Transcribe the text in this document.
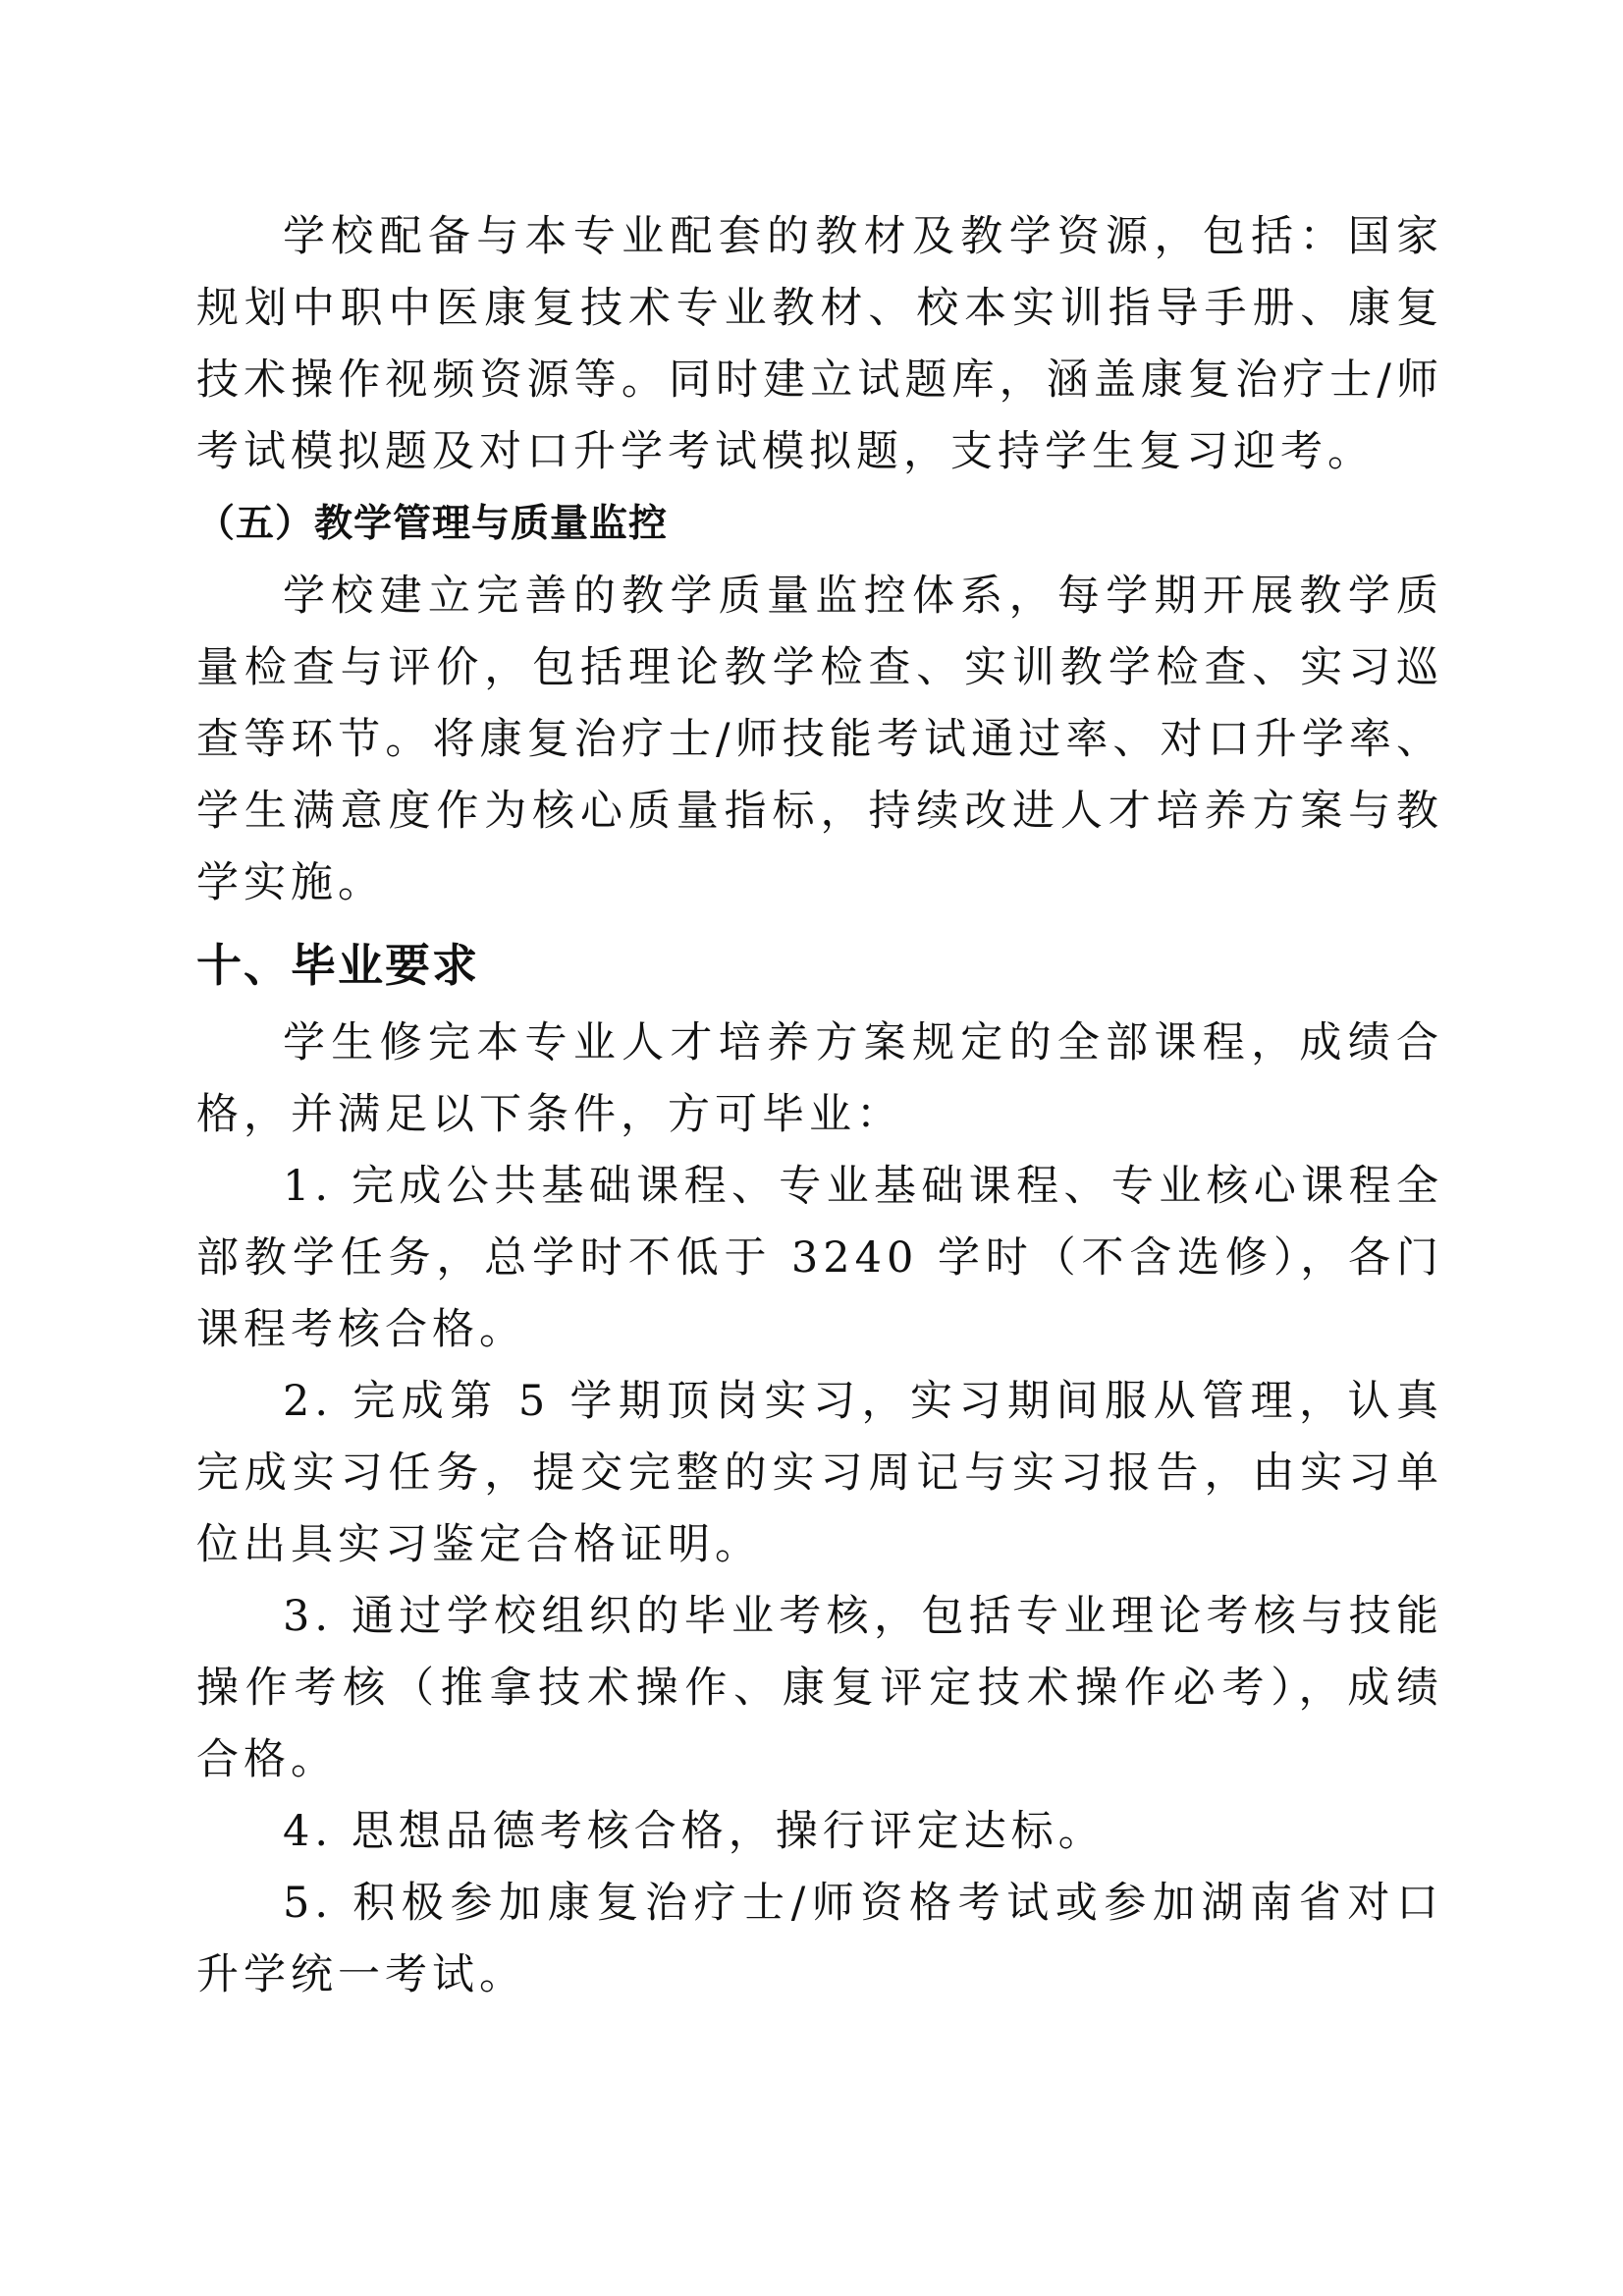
学校配备与本专业配套的教材及教学资源，包括：国家规划中职中医康复技术专业教材、校本实训指导手册、康复技术操作视频资源等。同时建立试题库，涵盖康复治疗士/师考试模拟题及对口升学考试模拟题，支持学生复习迎考。

（五）教学管理与质量监控

学校建立完善的教学质量监控体系，每学期开展教学质量检查与评价，包括理论教学检查、实训教学检查、实习巡查等环节。将康复治疗士/师技能考试通过率、对口升学率、学生满意度作为核心质量指标，持续改进人才培养方案与教学实施。

十、毕业要求

学生修完本专业人才培养方案规定的全部课程，成绩合格，并满足以下条件，方可毕业：

1. 完成公共基础课程、专业基础课程、专业核心课程全部教学任务，总学时不低于 3240 学时（不含选修），各门课程考核合格。

2. 完成第 5 学期顶岗实习，实习期间服从管理，认真完成实习任务，提交完整的实习周记与实习报告，由实习单位出具实习鉴定合格证明。

3. 通过学校组织的毕业考核，包括专业理论考核与技能操作考核（推拿技术操作、康复评定技术操作必考），成绩合格。

4. 思想品德考核合格，操行评定达标。

5. 积极参加康复治疗士/师资格考试或参加湖南省对口升学统一考试。
